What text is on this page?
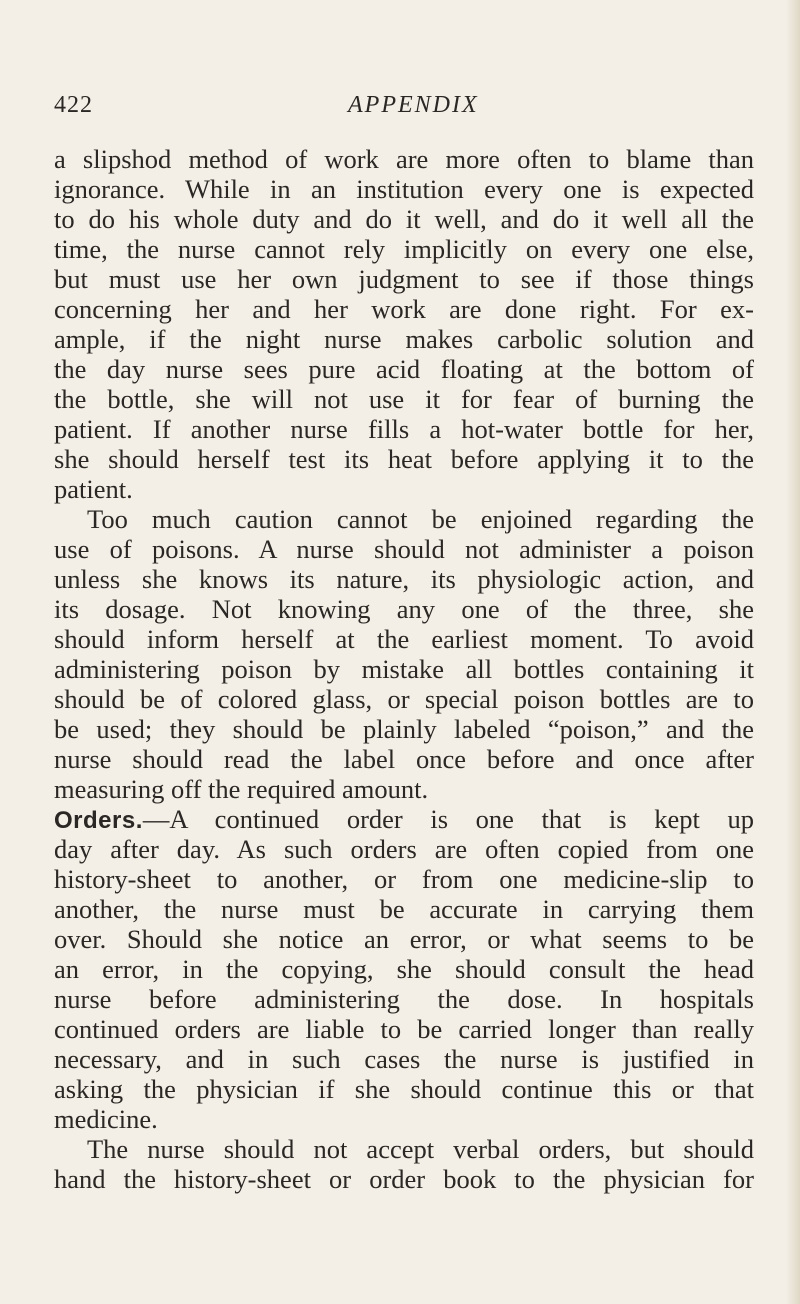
422	APPENDIX
a slipshod method of work are more often to blame than
ignorance. While in an institution every one is expected
to do his whole duty and do it well, and do it well all the
time, the nurse cannot rely implicitly on every one else,
but must use her own judgment to see if those things
concerning her and her work are done right. For ex-
ample, if the night nurse makes carbolic solution and
the day nurse sees pure acid floating at the bottom of
the bottle, she will not use it for fear of burning the
patient. If another nurse fills a hot-water bottle for her,
she should herself test its heat before applying it to the
patient.
Too much caution cannot be enjoined regarding the
use of poisons. A nurse should not administer a poison
unless she knows its nature, its physiologic action, and
its dosage. Not knowing any one of the three, she
should inform herself at the earliest moment. To avoid
administering poison by mistake all bottles containing it
should be of colored glass, or special poison bottles are to
be used; they should be plainly labeled “poison,” and the
nurse should read the label once before and once after
measuring off the required amount.
Orders.—A continued order is one that is kept up
day after day. As such orders are often copied from one
history-sheet to another, or from one medicine-slip to
another, the nurse must be accurate in carrying them
over. Should she notice an error, or what seems to be
an error, in the copying, she should consult the head
nurse before administering the dose. In hospitals
continued orders are liable to be carried longer than really
necessary, and in such cases the nurse is justified in
asking the physician if she should continue this or that
medicine.
The nurse should not accept verbal orders, but should
hand the history-sheet or order book to the physician for
